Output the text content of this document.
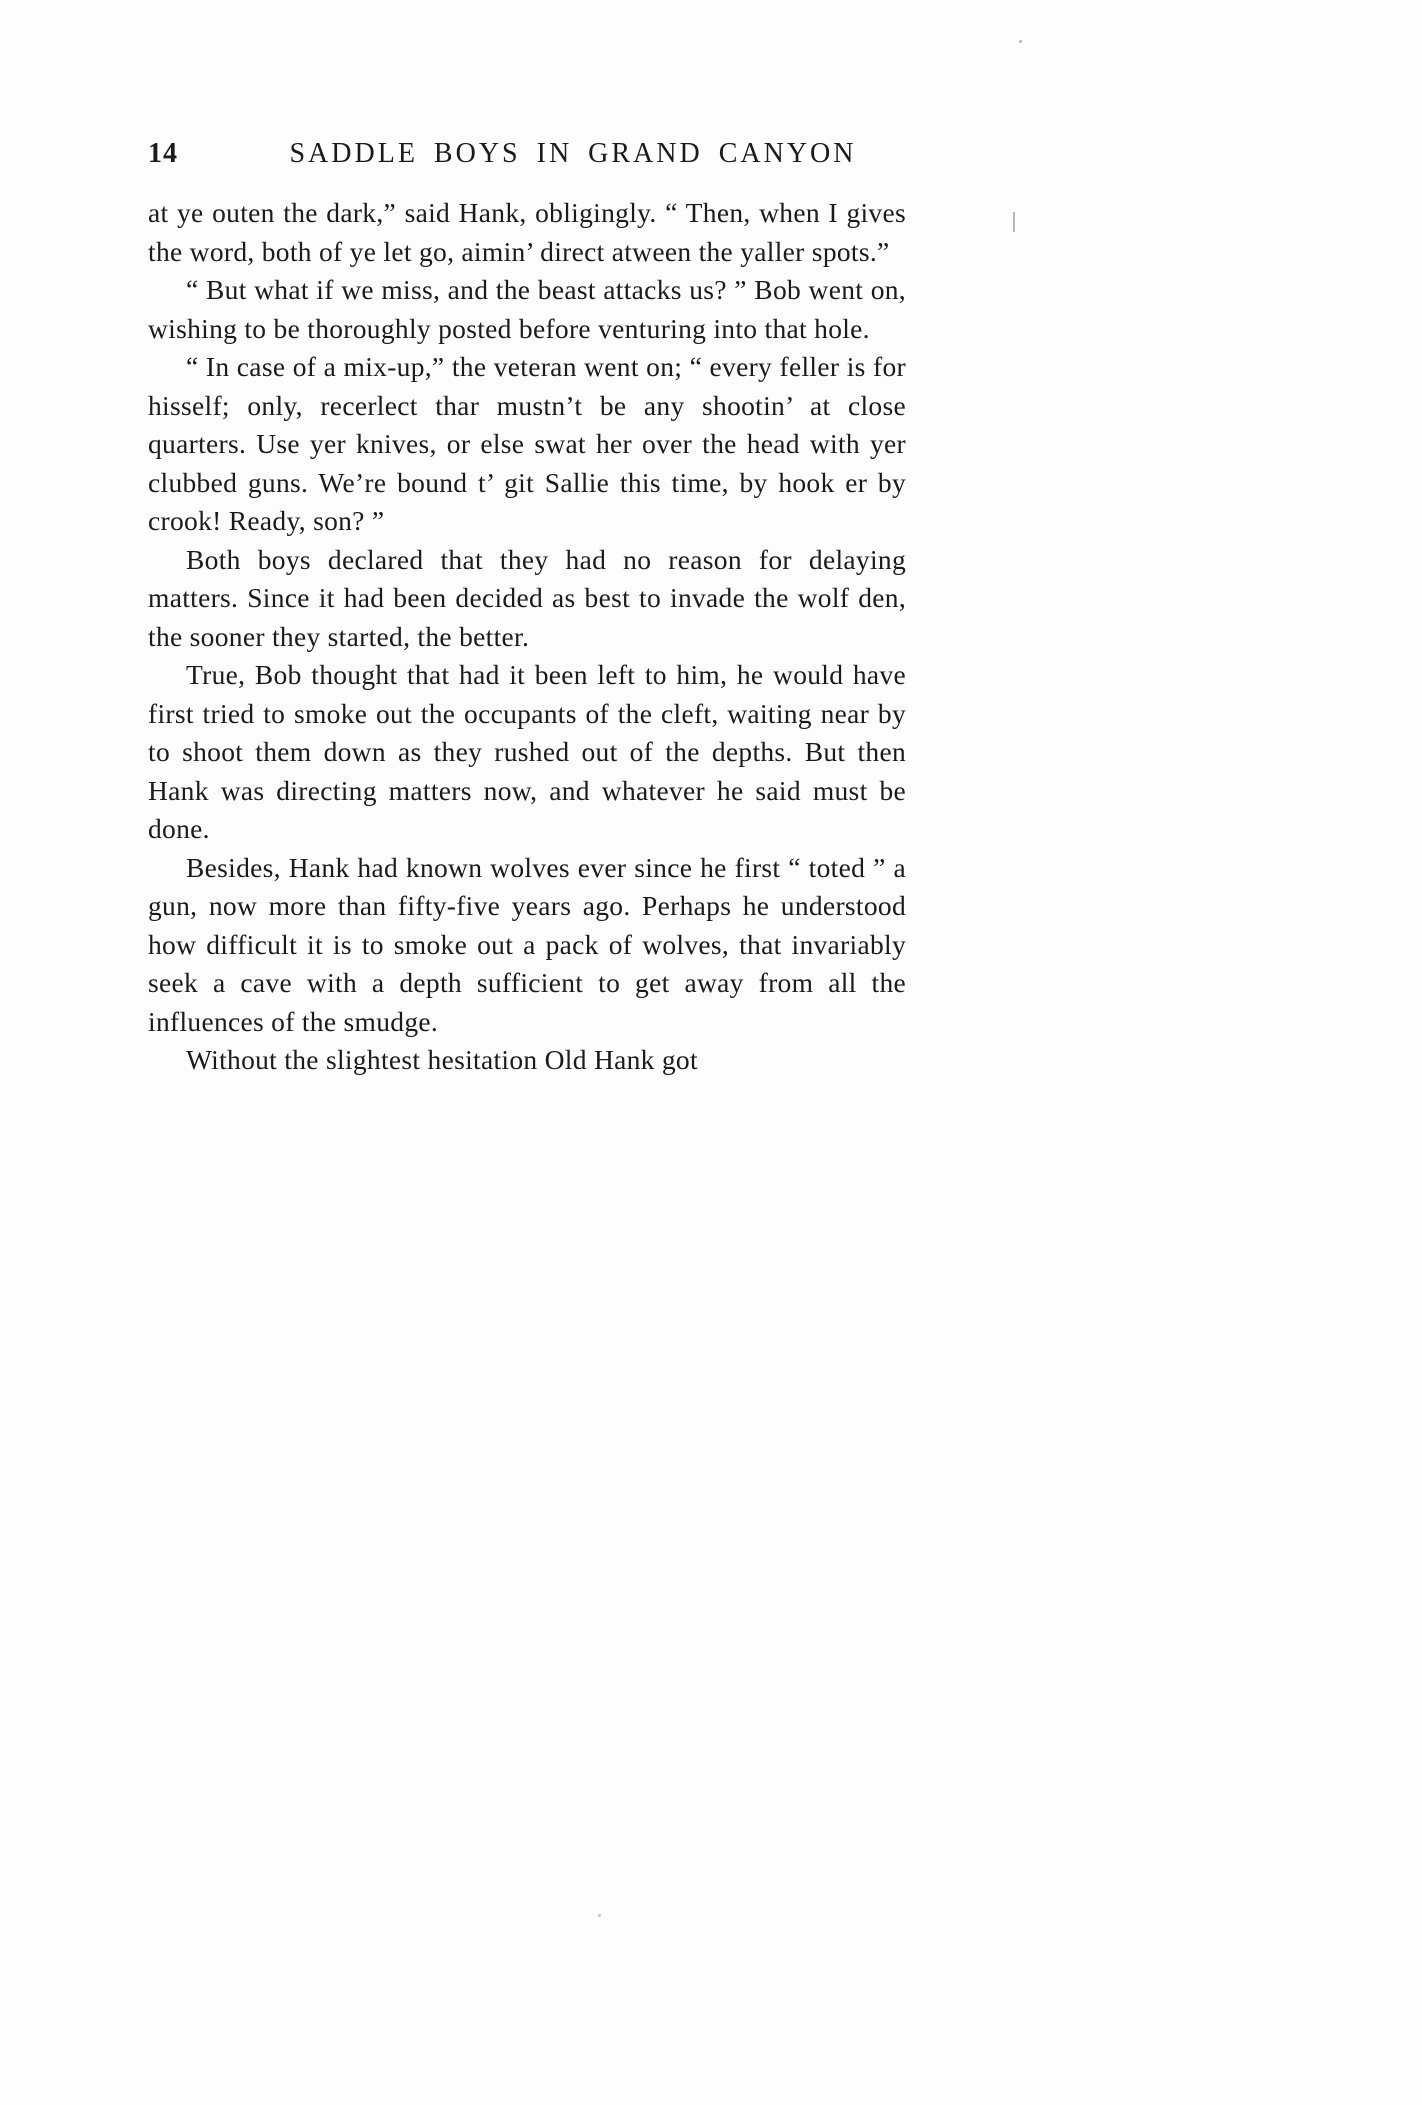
14	SADDLE BOYS IN GRAND CANYON

at ye outen the dark,” said Hank, obligingly. “ Then, when I gives the word, both of ye let go, aimin’ direct atween the yaller spots.”

“ But what if we miss, and the beast attacks us? ” Bob went on, wishing to be thoroughly posted before venturing into that hole.

“ In case of a mix-up,” the veteran went on; “ every feller is for hisself; only, recerlect thar mustn’t be any shootin’ at close quarters. Use yer knives, or else swat her over the head with yer clubbed guns. We’re bound t’ git Sallie this time, by hook er by crook! Ready, son? ”

Both boys declared that they had no reason for delaying matters. Since it had been decided as best to invade the wolf den, the sooner they started, the better.

True, Bob thought that had it been left to him, he would have first tried to smoke out the occupants of the cleft, waiting near by to shoot them down as they rushed out of the depths. But then Hank was directing matters now, and whatever he said must be done.

Besides, Hank had known wolves ever since he first “ toted ” a gun, now more than fifty-five years ago. Perhaps he understood how difficult it is to smoke out a pack of wolves, that invariably seek a cave with a depth sufficient to get away from all the influences of the smudge.

Without the slightest hesitation Old Hank got
